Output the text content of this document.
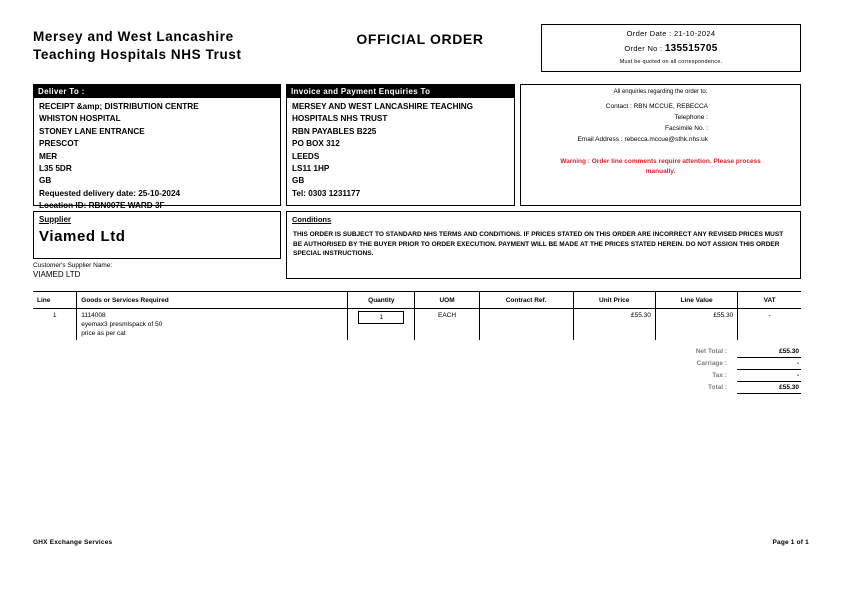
Mersey and West Lancashire
Teaching Hospitals NHS Trust
OFFICIAL ORDER	Order Date : 21-10-2024
Order No : 135515705
Must be quoted on all correspondence.
Deliver To :
RECEIPT &amp; DISTRIBUTION CENTRE
WHISTON HOSPITAL
STONEY LANE ENTRANCE
PRESCOT
MER
L35 5DR
GB
Requested delivery date: 25-10-2024
Location ID: RBN007E WARD 3F
Invoice and Payment Enquiries To
MERSEY AND WEST LANCASHIRE TEACHING
HOSPITALS NHS TRUST
RBN PAYABLES B225
PO BOX 312
LEEDS
LS11 1HP
GB
Tel: 0303 1231177
All enquiries regarding the order to:
Contact : RBN MCCUE, REBECCA
Telephone :
Facsimile No. :
Email Address : rebecca.mccue@sthk.nhs.uk
Warning : Order line comments require attention. Please process manually.
Supplier
Viamed Ltd
Customer's Supplier Name:
VIAMED LTD
Conditions
THIS ORDER IS SUBJECT TO STANDARD NHS TERMS AND CONDITIONS. IF PRICES STATED ON THIS ORDER ARE INCORRECT ANY REVISED PRICES MUST BE AUTHORISED BY THE BUYER PRIOR TO ORDER EXECUTION. PAYMENT WILL BE MADE AT THE PRICES STATED HEREIN. DO NOT ASSIGN THIS ORDER SPECIAL INSTRUCTIONS.
Line	Goods or Services Required	Quantity	UOM	Contract Ref.	Unit Price	Line Value	VAT
1	1114008
eyemax3 presmlspack of 50
price as per cat	1	EACH		£55.30	£55.30	-
Net Total :	£55.30
Carriage :	-
Tax :	-
Total :	£55.30
GHX Exchange Services	Page 1 of 1
